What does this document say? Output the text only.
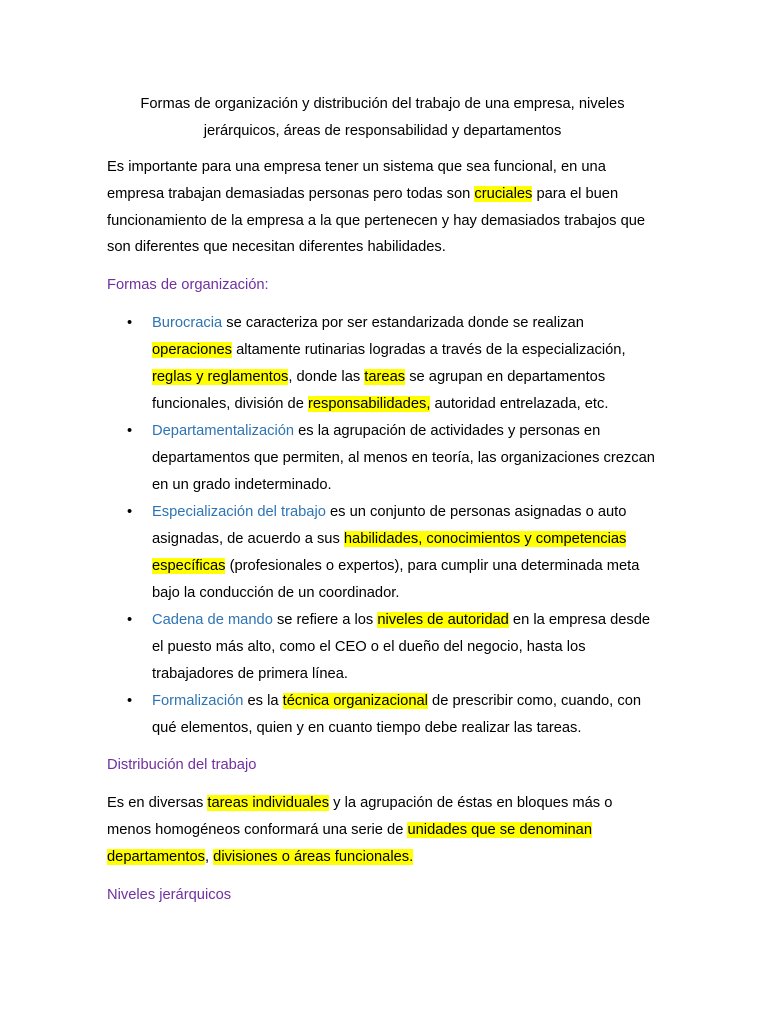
Formas de organización y distribución del trabajo de una empresa, niveles
jerárquicos, áreas de responsabilidad y departamentos

Es importante para una empresa tener un sistema que sea funcional, en una empresa trabajan demasiadas personas pero todas son cruciales para el buen funcionamiento de la empresa a la que pertenecen y hay demasiados trabajos que son diferentes que necesitan diferentes habilidades.

Formas de organización:
• Burocracia se caracteriza por ser estandarizada donde se realizan operaciones altamente rutinarias logradas a través de la especialización, reglas y reglamentos, donde las tareas se agrupan en departamentos funcionales, división de responsabilidades, autoridad entrelazada, etc.
• Departamentalización es la agrupación de actividades y personas en departamentos que permiten, al menos en teoría, las organizaciones crezcan en un grado indeterminado.
• Especialización del trabajo es un conjunto de personas asignadas o auto asignadas, de acuerdo a sus habilidades, conocimientos y competencias específicas (profesionales o expertos), para cumplir una determinada meta bajo la conducción de un coordinador.
• Cadena de mando se refiere a los niveles de autoridad en la empresa desde el puesto más alto, como el CEO o el dueño del negocio, hasta los trabajadores de primera línea.
• Formalización es la técnica organizacional de prescribir como, cuando, con qué elementos, quien y en cuanto tiempo debe realizar las tareas.
Distribución del trabajo

Es en diversas tareas individuales y la agrupación de éstas en bloques más o menos homogéneos conformará una serie de unidades que se denominan departamentos, divisiones o áreas funcionales.

Niveles jerárquicos
